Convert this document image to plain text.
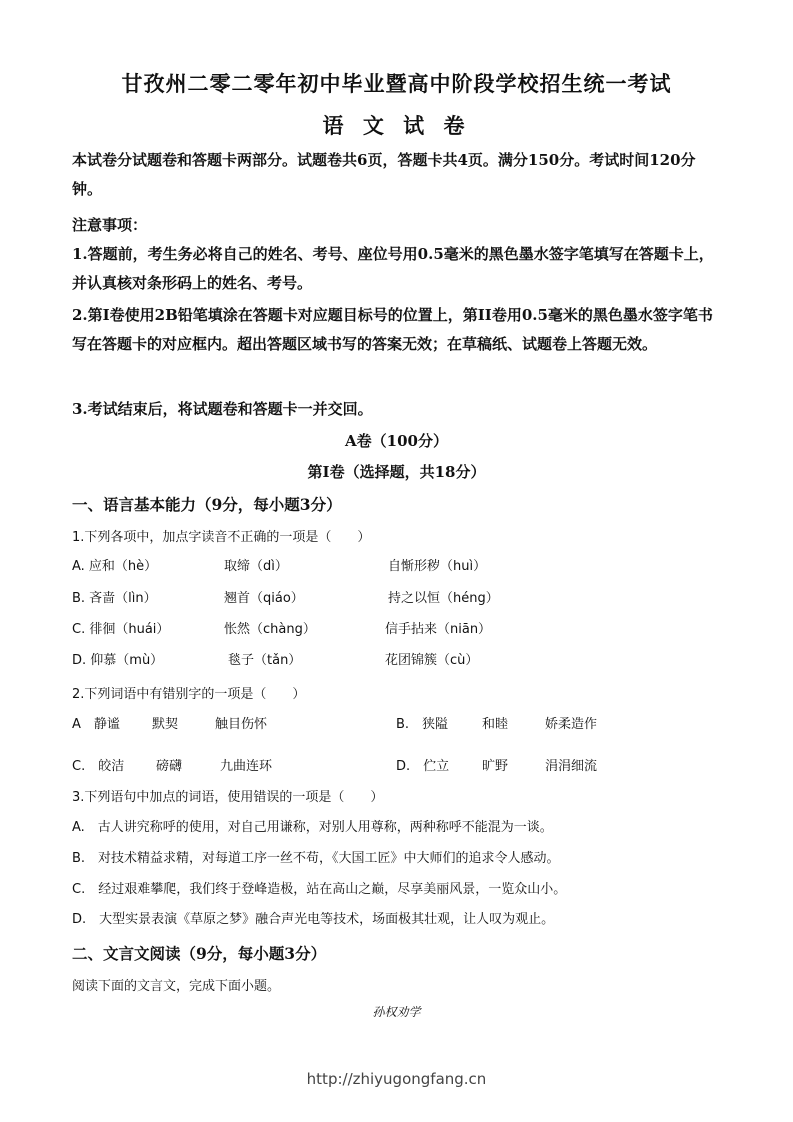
甘孜州二零二零年初中毕业暨高中阶段学校招生统一考试
语 文 试 卷
本试卷分试题卷和答题卡两部分。试题卷共6页，答题卡共4页。满分150分。考试时间120分钟。
注意事项：
1.答题前，考生务必将自己的姓名、考号、座位号用0.5毫米的黑色墨水签字笔填写在答题卡上，并认真核对条形码上的姓名、考号。
2.第Ⅰ卷使用2B铅笔填涂在答题卡对应题目标号的位置上，第II卷用0.5毫米的黑色墨水签字笔书写在答题卡的对应框内。超出答题区域书写的答案无效；在草稿纸、试题卷上答题无效。
3.考试结束后，将试题卷和答题卡一并交回。
A卷（100分）
第Ⅰ卷（选择题，共18分）
一、语言基本能力（9分，每小题3分）
1.下列各项中，加点字读音不正确的一项是（　　）
A. 应和（hè）	取缔（dì）	自惭形秽（huì）
B. 吝啬（lìn）	翘首（qiáo）	持之以恒（héng）
C. 徘徊（huái）	怅然（chàng）	信手拈来（niān）
D. 仰慕（mù）	毯子（tǎn）	花团锦簇（cù）
2.下列词语中有错别字的一项是（　　）
A　静谧 默契	触目伤怀	B.　狭隘	和睦	娇柔造作
C.　皎洁 磅礴	九曲连环	D.　伫立	旷野	涓涓细流
3.下列语句中加点的词语，使用错误的一项是（　　）
A.　古人讲究称呼的使用，对自己用谦称，对别人用尊称，两种称呼不能混为一谈。
B.　对技术精益求精，对每道工序一丝不苟，《大国工匠》中大师们的追求令人感动。
C.　经过艰难攀爬，我们终于登峰造极，站在高山之巅，尽享美丽风景，一览众山小。
D.　大型实景表演《草原之梦》融合声光电等技术，场面极其壮观，让人叹为观止。
二、文言文阅读（9分，每小题3分）
阅读下面的文言文，完成下面小题。
孙权劝学
http://zhiyugongfang.cn
